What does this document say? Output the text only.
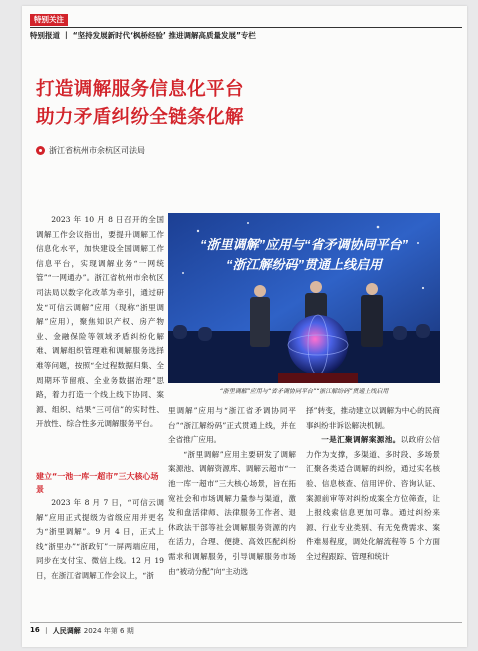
特别关注
特别报道 丨 “坚持发展新时代‘枫桥经验’ 推进调解高质量发展”专栏
打造调解服务信息化平台
助力矛盾纠纷全链条化解
浙江省杭州市余杭区司法局

2023 年 10 月 8 日召开的全国调解工作会议指出，要提升调解工作信息化水平，加快建设全国调解工作信息平台，实现调解业务“一网统管”“一网通办”。浙江省杭州市余杭区司法局以数字化改革为牵引，通过研发“可信云调解”应用（现称“浙里调解”应用），聚焦知识产权、房产物业、金融保险等领域矛盾纠纷化解难、调解组织管理难和调解服务选择难等问题，按照“全过程数据归集、全周期环节留痕、全业务数据治理”思路，着力打造一个线上线下协同、案源、组织、结果“三可信”的实时性、开放性、综合性多元调解服务平台。

建立“一池一库一超市”三大核心场景

2023 年 8 月 7 日，“可信云调解”应用正式提级为省级应用并更名为“浙里调解”。9 月 4 日，正式上线“浙里办”“浙政钉”一屏两端应用，同步在支付宝、微信上线。12 月 19 日，在浙江省调解工作会议上，“浙

“浙里调解”应用与“省矛调协同平台”
“浙江解纷码”贯通上线启用
“浙里调解”应用与“省矛调协同平台”“浙江解纷码”贯通上线启用

里调解”应用与“浙江省矛调协同平台”“浙江解纷码”正式贯通上线，并在全省推广应用。

“浙里调解”应用主要研发了调解案源池、调解资源库、调解云超市“一池一库一超市”三大核心场景，旨在拓宽社会和市场调解力量参与渠道，激发和盘活律师、法律服务工作者、退休政法干部等社会调解服务资源的内在活力，合理、便捷、高效匹配纠纷需求和调解服务，引导调解服务市场由“被动分配”向“主动选

择”转变，推动建立以调解为中心的民商事纠纷非诉讼解决机制。

一是汇聚调解案源池。以政府公信力作为支撑，多渠道、多时段、多场景汇聚各类适合调解的纠纷，通过实名核验、信息核查、信用评价、咨询认证、案源前审等对纠纷成案全方位筛查，让上报线索信息更加可靠。通过纠纷来源、行业专业类别、有无免费需求、案件难易程度，调处化解流程等 5 个方面全过程跟踪、管理和统计

16 丨 人民调解 2024 年第 6 期
